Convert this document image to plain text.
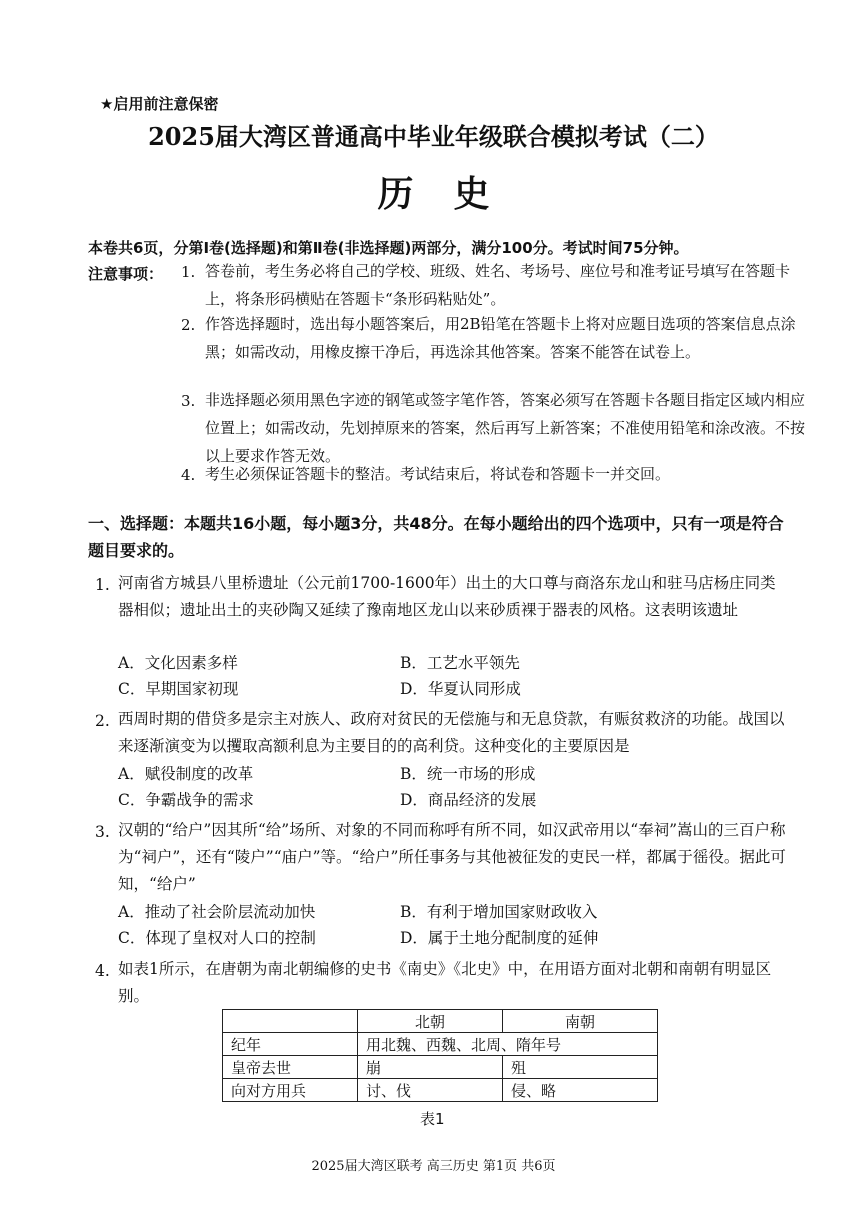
★启用前注意保密
2025届大湾区普通高中毕业年级联合模拟考试（二）
历史
本卷共6页，分第Ⅰ卷(选择题)和第Ⅱ卷(非选择题)两部分，满分100分。考试时间75分钟。
注意事项： 1. 答卷前，考生务必将自己的学校、班级、姓名、考场号、座位号和准考证号填写在答题卡上，将条形码横贴在答题卡“条形码粘贴处”。
2. 作答选择题时，选出每小题答案后，用2B铅笔在答题卡上将对应题目选项的答案信息点涂黑；如需改动，用橡皮擦干净后，再选涂其他答案。答案不能答在试卷上。
3. 非选择题必须用黑色字迹的钢笔或签字笔作答，答案必须写在答题卡各题目指定区域内相应位置上；如需改动，先划掉原来的答案，然后再写上新答案；不准使用铅笔和涂改液。不按以上要求作答无效。
4. 考生必须保证答题卡的整洁。考试结束后，将试卷和答题卡一并交回。
一、选择题：本题共16小题，每小题3分，共48分。在每小题给出的四个选项中，只有一项是符合题目要求的。
1. 河南省方城县八里桥遗址（公元前1700-1600年）出土的大口尊与商洛东龙山和驻马店杨庄同类器相似；遗址出土的夹砂陶又延续了豫南地区龙山以来砂质裸于器表的风格。这表明该遗址
A．文化因素多样	B．工艺水平领先
C．早期国家初现	D．华夏认同形成
2. 西周时期的借贷多是宗主对族人、政府对贫民的无偿施与和无息贷款，有赈贫救济的功能。战国以来逐渐演变为以攫取高额利息为主要目的的高利贷。这种变化的主要原因是
A．赋役制度的改革	B．统一市场的形成
C．争霸战争的需求	D．商品经济的发展
3. 汉朝的“给户”因其所“给”场所、对象的不同而称呼有所不同，如汉武帝用以“奉祠”嵩山的三百户称为“祠户”，还有“陵户”“庙户”等。“给户”所任事务与其他被征发的吏民一样，都属于徭役。据此可知，“给户”
A．推动了社会阶层流动加快	B．有利于增加国家财政收入
C．体现了皇权对人口的控制	D．属于土地分配制度的延伸
4. 如表1所示，在唐朝为南北朝编修的史书《南史》《北史》中，在用语方面对北朝和南朝有明显区别。
	北朝	南朝
纪年	用北魏、西魏、北周、隋年号	
皇帝去世	崩	殂
向对方用兵	讨、伐	侵、略
表1
2025届大湾区联考 高三历史 第1页 共6页
